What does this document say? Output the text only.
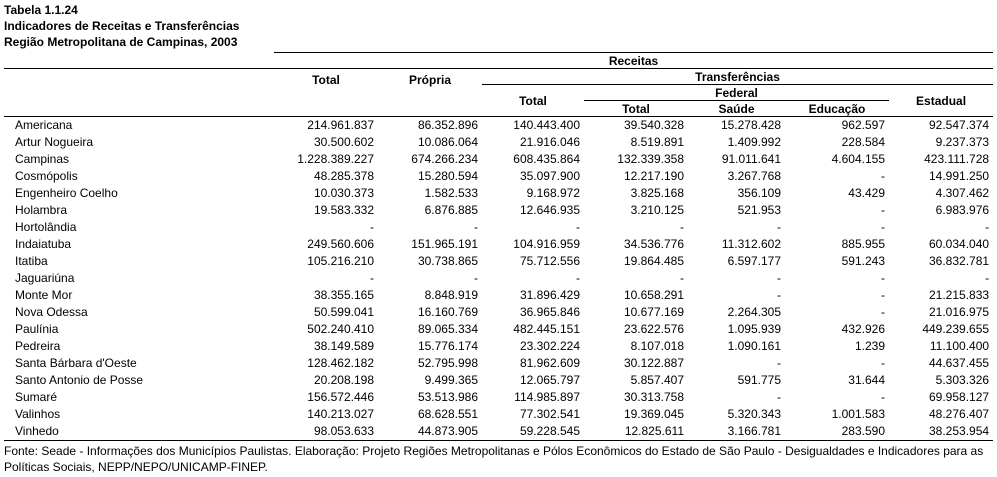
Tabela 1.1.24
Indicadores de Receitas e Transferências
Região Metropolitana de Campinas, 2003
	Receitas						
	Total	Própria	Transferências				
			Total	Federal			Estadual
				Total	Saúde	Educação	
Americana	214.961.837	86.352.896	140.443.400	39.540.328	15.278.428	962.597	92.547.374
Artur Nogueira	30.500.602	10.086.064	21.916.046	8.519.891	1.409.992	228.584	9.237.373
Campinas	1.228.389.227	674.266.234	608.435.864	132.339.358	91.011.641	4.604.155	423.111.728
Cosmópolis	48.285.378	15.280.594	35.097.900	12.217.190	3.267.768	-	14.991.250
Engenheiro Coelho	10.030.373	1.582.533	9.168.972	3.825.168	356.109	43.429	4.307.462
Holambra	19.583.332	6.876.885	12.646.935	3.210.125	521.953	-	6.983.976
Hortolândia	-	-	-	-	-	-	-
Indaiatuba	249.560.606	151.965.191	104.916.959	34.536.776	11.312.602	885.955	60.034.040
Itatiba	105.216.210	30.738.865	75.712.556	19.864.485	6.597.177	591.243	36.832.781
Jaguariúna	-	-	-	-	-	-	-
Monte Mor	38.355.165	8.848.919	31.896.429	10.658.291	-	-	21.215.833
Nova Odessa	50.599.041	16.160.769	36.965.846	10.677.169	2.264.305	-	21.016.975
Paulínia	502.240.410	89.065.334	482.445.151	23.622.576	1.095.939	432.926	449.239.655
Pedreira	38.149.589	15.776.174	23.302.224	8.107.018	1.090.161	1.239	11.100.400
Santa Bárbara d'Oeste	128.462.182	52.795.998	81.962.609	30.122.887	-	-	44.637.455
Santo Antonio de Posse	20.208.198	9.499.365	12.065.797	5.857.407	591.775	31.644	5.303.326
Sumaré	156.572.446	53.513.986	114.985.897	30.313.758	-	-	69.958.127
Valinhos	140.213.027	68.628.551	77.302.541	19.369.045	5.320.343	1.001.583	48.276.407
Vinhedo	98.053.633	44.873.905	59.228.545	12.825.611	3.166.781	283.590	38.253.954
Fonte: Seade - Informações dos Municípios Paulistas. Elaboração: Projeto Regiões Metropolitanas e Pólos Econômicos do Estado de São Paulo - Desigualdades e Indicadores para as Políticas Sociais, NEPP/NEPO/UNICAMP-FINEP.
